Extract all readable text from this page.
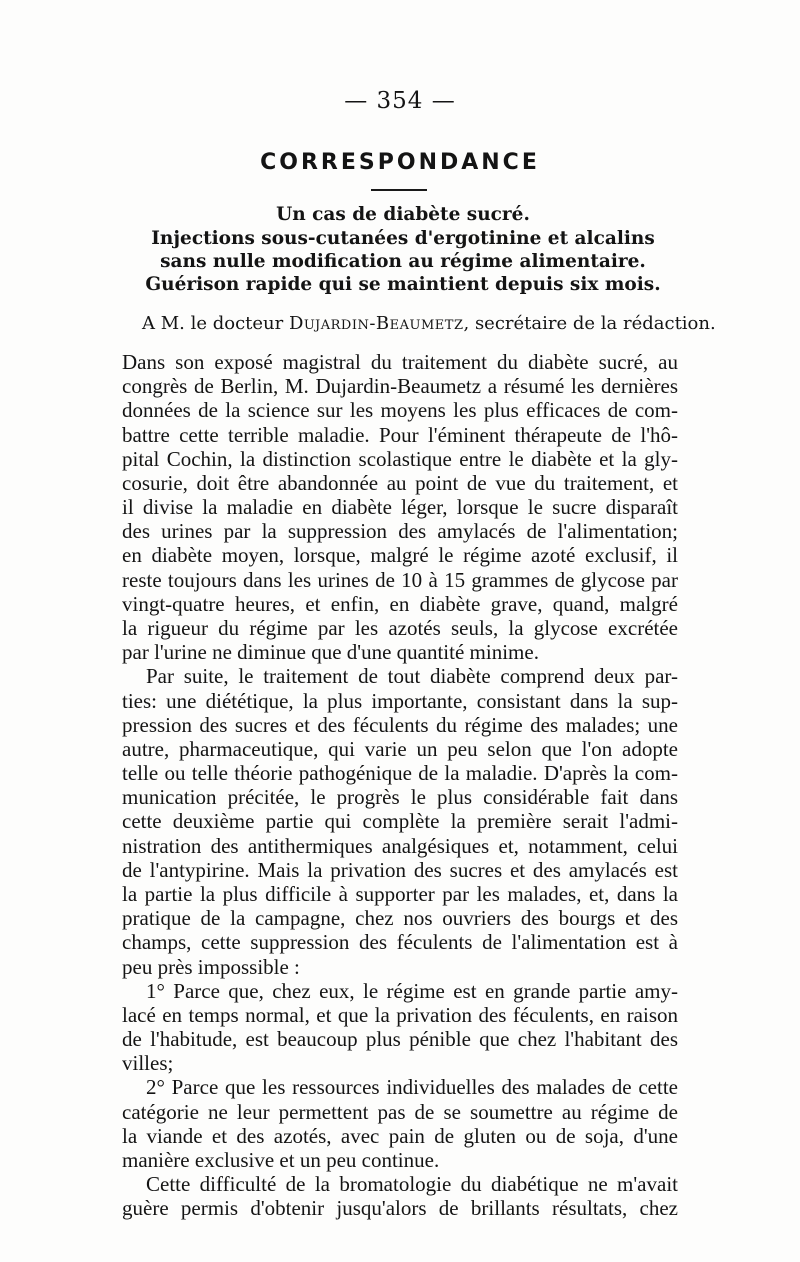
— 354 —
CORRESPONDANCE
Un cas de diabète sucré.
Injections sous-cutanées d'ergotinine et alcalins
sans nulle modification au régime alimentaire.
Guérison rapide qui se maintient depuis six mois.
A M. le docteur Dujardin-Beaumetz, secrétaire de la rédaction.
Dans son exposé magistral du traitement du diabète sucré, au
congrès de Berlin, M. Dujardin-Beaumetz a résumé les dernières
données de la science sur les moyens les plus efficaces de com-
battre cette terrible maladie. Pour l'éminent thérapeute de l'hô-
pital Cochin, la distinction scolastique entre le diabète et la gly-
cosurie, doit être abandonnée au point de vue du traitement, et
il divise la maladie en diabète léger, lorsque le sucre disparaît
des urines par la suppression des amylacés de l'alimentation;
en diabète moyen, lorsque, malgré le régime azoté exclusif, il
reste toujours dans les urines de 10 à 15 grammes de glycose par
vingt-quatre heures, et enfin, en diabète grave, quand, malgré
la rigueur du régime par les azotés seuls, la glycose excrétée
par l'urine ne diminue que d'une quantité minime.
Par suite, le traitement de tout diabète comprend deux par-
ties: une diététique, la plus importante, consistant dans la sup-
pression des sucres et des féculents du régime des malades; une
autre, pharmaceutique, qui varie un peu selon que l'on adopte
telle ou telle théorie pathogénique de la maladie. D'après la com-
munication précitée, le progrès le plus considérable fait dans
cette deuxième partie qui complète la première serait l'admi-
nistration des antithermiques analgésiques et, notamment, celui
de l'antypirine. Mais la privation des sucres et des amylacés est
la partie la plus difficile à supporter par les malades, et, dans la
pratique de la campagne, chez nos ouvriers des bourgs et des
champs, cette suppression des féculents de l'alimentation est à
peu près impossible :
1° Parce que, chez eux, le régime est en grande partie amy-
lacé en temps normal, et que la privation des féculents, en raison
de l'habitude, est beaucoup plus pénible que chez l'habitant des
villes;
2° Parce que les ressources individuelles des malades de cette
catégorie ne leur permettent pas de se soumettre au régime de
la viande et des azotés, avec pain de gluten ou de soja, d'une
manière exclusive et un peu continue.
Cette difficulté de la bromatologie du diabétique ne m'avait
guère permis d'obtenir jusqu'alors de brillants résultats, chez
